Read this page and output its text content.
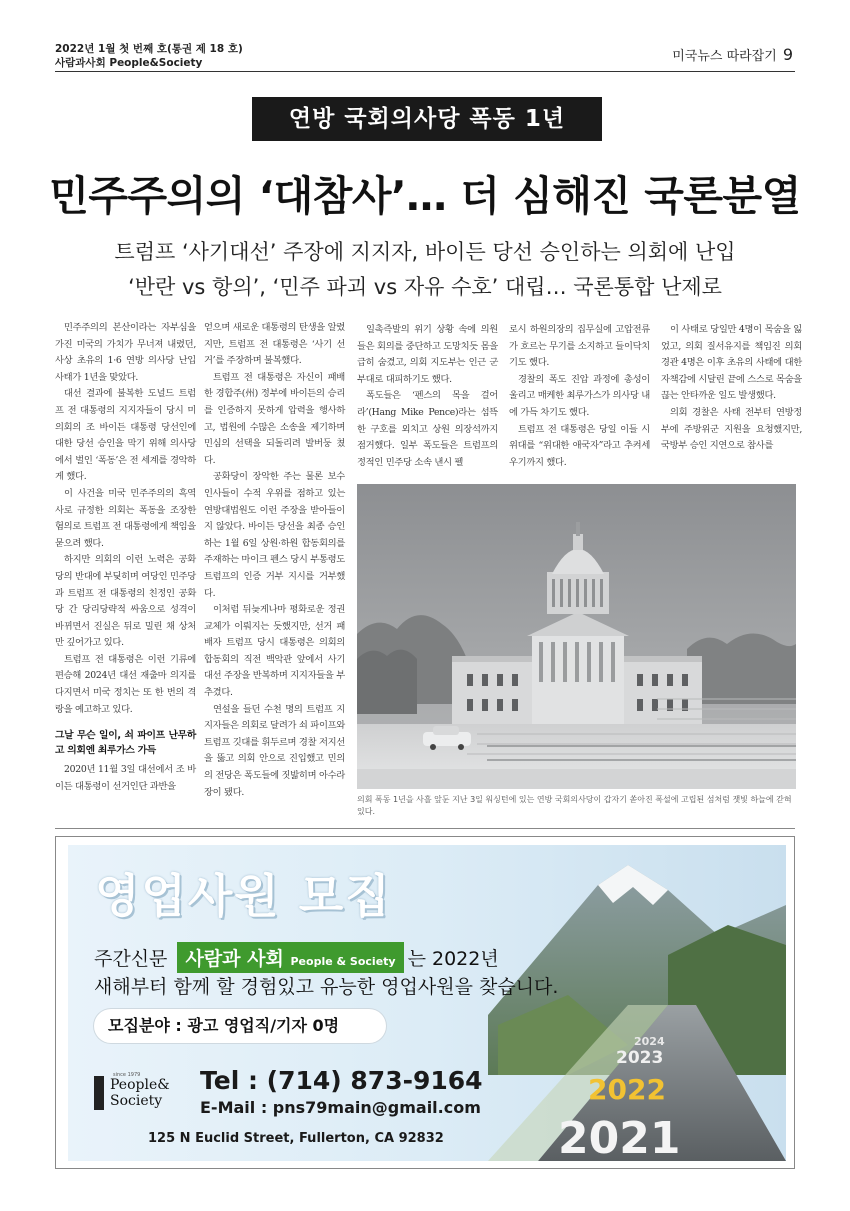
2022년 1월 첫 번째 호(통권 제 18 호)
사람과사회 People&Society	미국뉴스 따라잡기 9
연방 국회의사당 폭동 1년
민주주의의 ‘대참사’… 더 심해진 국론분열
트럼프 ‘사기대선’ 주장에 지지자, 바이든 당선 승인하는 의회에 난입
‘반란 vs 항의’, ‘민주 파괴 vs 자유 수호’ 대립… 국론통합 난제로

민주주의의 본산이라는 자부심을 가진 미국의 가치가 무너져 내렸던, 사상 초유의 1·6 연방 의사당 난입 사태가 1년을 맞았다.

대선 결과에 불복한 도널드 트럼프 전 대통령의 지지자들이 당시 미 의회의 조 바이든 대통령 당선인에 대한 당선 승인을 막기 위해 의사당에서 벌인 ‘폭동’은 전 세계를 경악하게 했다.

이 사건을 미국 민주주의의 흑역사로 규정한 의회는 폭동을 조장한 혐의로 트럼프 전 대통령에게 책임을 묻으려 했다.

하지만 의회의 이런 노력은 공화당의 반대에 부딪히며 여당인 민주당과 트럼프 전 대통령의 친정인 공화당 간 당리당략적 싸움으로 성격이 바뀌면서 진실은 뒤로 밀린 채 상처만 깊어가고 있다.

트럼프 전 대통령은 이런 기류에 편승해 2024년 대선 재출마 의지를 다지면서 미국 정치는 또 한 번의 격랑을 예고하고 있다.

그날 무슨 일이, 쇠 파이프 난무하고 의회엔 최루가스 가득

2020년 11월 3일 대선에서 조 바이든 대통령이 선거인단 과반을

얻으며 새로운 대통령의 탄생을 알렸지만, 트럼프 전 대통령은 ‘사기 선거’를 주장하며 불복했다.

트럼프 전 대통령은 자신이 패배한 경합주(州) 정부에 바이든의 승리를 인증하지 못하게 압력을 행사하고, 법원에 수많은 소송을 제기하며 민심의 선택을 되돌리려 발버둥 쳤다.

공화당이 장악한 주는 물론 보수 인사들이 수적 우위를 점하고 있는 연방대법원도 이런 주장을 받아들이지 않았다. 바이든 당선을 최종 승인하는 1월 6일 상원·하원 합동회의를 주재하는 마이크 펜스 당시 부통령도 트럼프의 인증 거부 지시를 거부했다.

이처럼 뒤늦게나마 평화로운 정권 교체가 이뤄지는 듯했지만, 선거 패배자 트럼프 당시 대통령은 의회의 합동회의 직전 백악관 앞에서 사기 대선 주장을 반복하며 지지자들을 부추겼다.

연설을 들던 수천 명의 트럼프 지지자들은 의회로 달려가 쇠 파이프와 트럼프 깃대를 휘두르며 경찰 저지선을 뚫고 의회 안으로 진입했고 민의의 전당은 폭도들에 짓밟히며 아수라장이 됐다.

일촉즉발의 위기 상황 속에 의원들은 회의를 중단하고 도망치듯 몸을 급히 숨겼고, 의회 지도부는 인근 군부대로 대피하기도 했다.

폭도들은 ‘펜스의 목을 걸어라’(Hang Mike Pence)라는 섬뜩한 구호를 외치고 상원 의장석까지 점거했다. 일부 폭도들은 트럼프의 정적인 민주당 소속 낸시 펠

로시 하원의장의 집무실에 고압전류가 흐르는 무기를 소지하고 들이닥치기도 했다.

경찰의 폭도 진압 과정에 총성이 울리고 매케한 최루가스가 의사당 내에 가득 차기도 했다.

트럼프 전 대통령은 당일 이들 시위대를 “위대한 애국자”라고 추켜세우기까지 했다.

이 사태로 당일만 4명이 목숨을 잃었고, 의회 질서유지를 책임진 의회 경관 4명은 이후 초유의 사태에 대한 자책감에 시달린 끝에 스스로 목숨을 끊는 안타까운 일도 발생했다.

의회 경찰은 사태 전부터 연방정부에 주방위군 지원을 요청했지만, 국방부 승인 지연으로 참사를

의회 폭동 1년을 사흘 앞둔 지난 3일 워싱턴에 있는 연방 국회의사당이 갑자기 쏟아진 폭설에 고립된 섬처럼 잿빛 하늘에 갇혀 있다.
2024
2023
2022
2021
영업사원 모집
주간신문 사람과 사회 People & Society 는 2022년
새해부터 함께 할 경험있고 유능한 영업사원을 찾습니다.
모집분야 : 광고 영업직/기자 0명
since 1979
People&
Society
Tel : (714) 873-9164
E-Mail : pns79main@gmail.com
125 N Euclid Street, Fullerton, CA 92832
